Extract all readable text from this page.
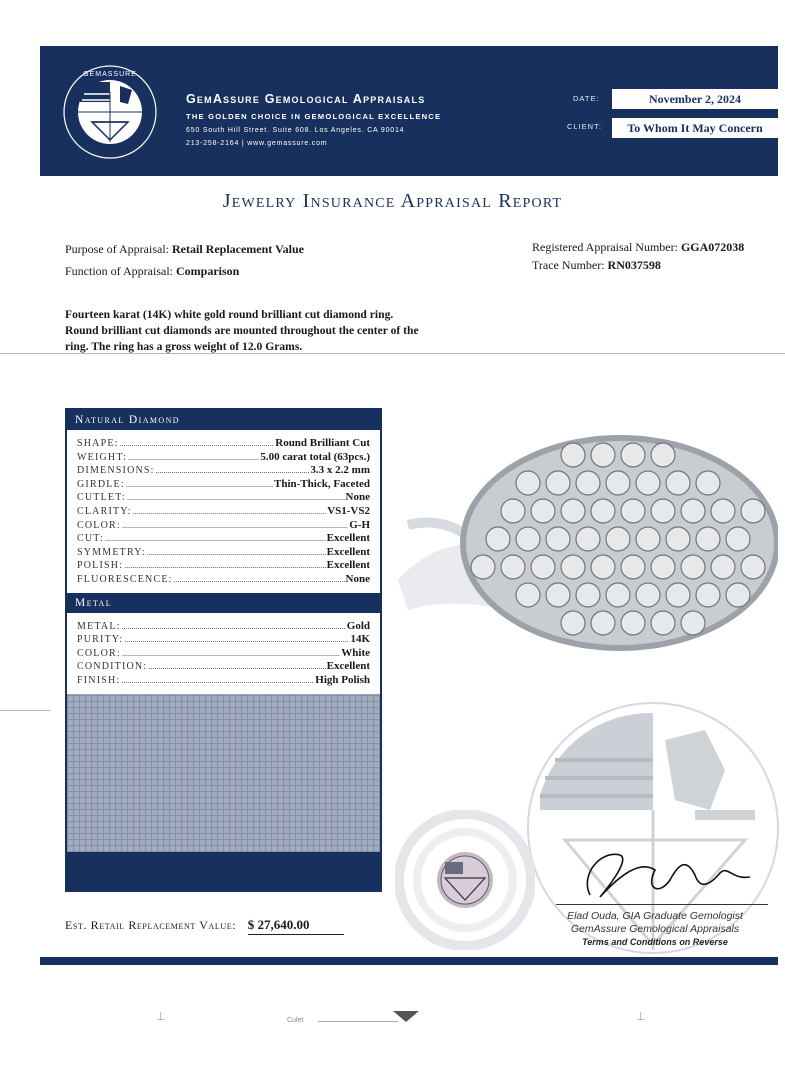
GEMASSURE
GemAssure Gemological Appraisals
THE GOLDEN CHOICE IN GEMOLOGICAL EXCELLENCE
650 South Hill Street. Suite 608. Los Angeles. CA 90014
213-258-2164 | www.gemassure.com
DATE:	November 2, 2024
CLIENT:	To Whom It May Concern
Jewelry Insurance Appraisal Report
Purpose of Appraisal: Retail Replacement Value
Function of Appraisal: Comparison
Registered Appraisal Number: GGA072038
Trace Number: RN037598
Fourteen karat (14K) white gold round brilliant cut diamond ring. Round brilliant cut diamonds are mounted throughout the center of the ring. The ring has a gross weight of 12.0 Grams.
Natural Diamond
SHAPE: .....	Round Brilliant Cut
WEIGHT: .....	5.00 carat total (63pcs.)
DIMENSIONS: .....	3.3 x 2.2 mm
GIRDLE: .....	Thin-Thick, Faceted
CUTLET: .....	None
CLARITY: .....	VS1-VS2
COLOR: .....	G-H
CUT: .....	Excellent
SYMMETRY: .....	Excellent
POLISH: .....	Excellent
FLUORESCENCE: .....	None
Metal
METAL: .....	Gold
PURITY: .....	14K
COLOR: .....	White
CONDITION: .....	Excellent
FINISH: .....	High Polish
Elad Ouda, GIA Graduate Gemologist
GemAssure Gemological Appraisals
Terms and Conditions on Reverse
Est. Retail Replacement Value: $ 27,640.00
⊥	⊥
Culet
